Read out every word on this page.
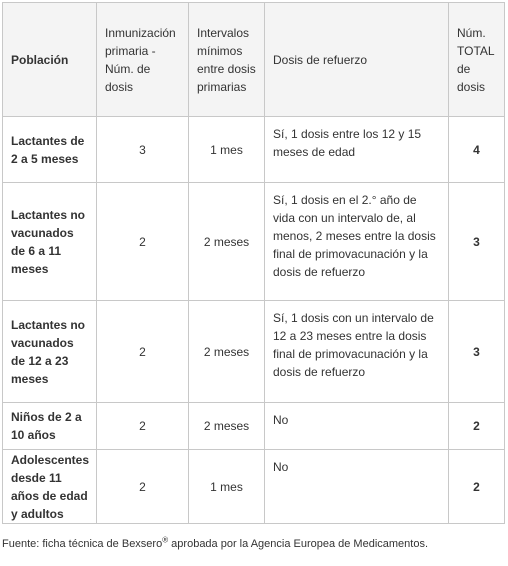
Población	Inmunización primaria - Núm. de dosis	Intervalos mínimos entre dosis primarias	Dosis de refuerzo	Núm. TOTAL de dosis
Lactantes de 2 a 5 meses	3	1 mes	Sí, 1 dosis entre los 12 y 15 meses de edad	4
Lactantes no vacunados de 6 a 11 meses	2	2 meses	Sí, 1 dosis en el 2.° año de vida con un intervalo de, al menos, 2 meses entre la dosis final de primovacunación y la dosis de refuerzo	3
Lactantes no vacunados de 12 a 23 meses	2	2 meses	Sí, 1 dosis con un intervalo de 12 a 23 meses entre la dosis final de primovacunación y la dosis de refuerzo	3
Niños de 2 a 10 años	2	2 meses	No	2
Adolescentes desde 11 años de edad y adultos	2	1 mes	No	2
Fuente: ficha técnica de Bexsero® aprobada por la Agencia Europea de Medicamentos.
